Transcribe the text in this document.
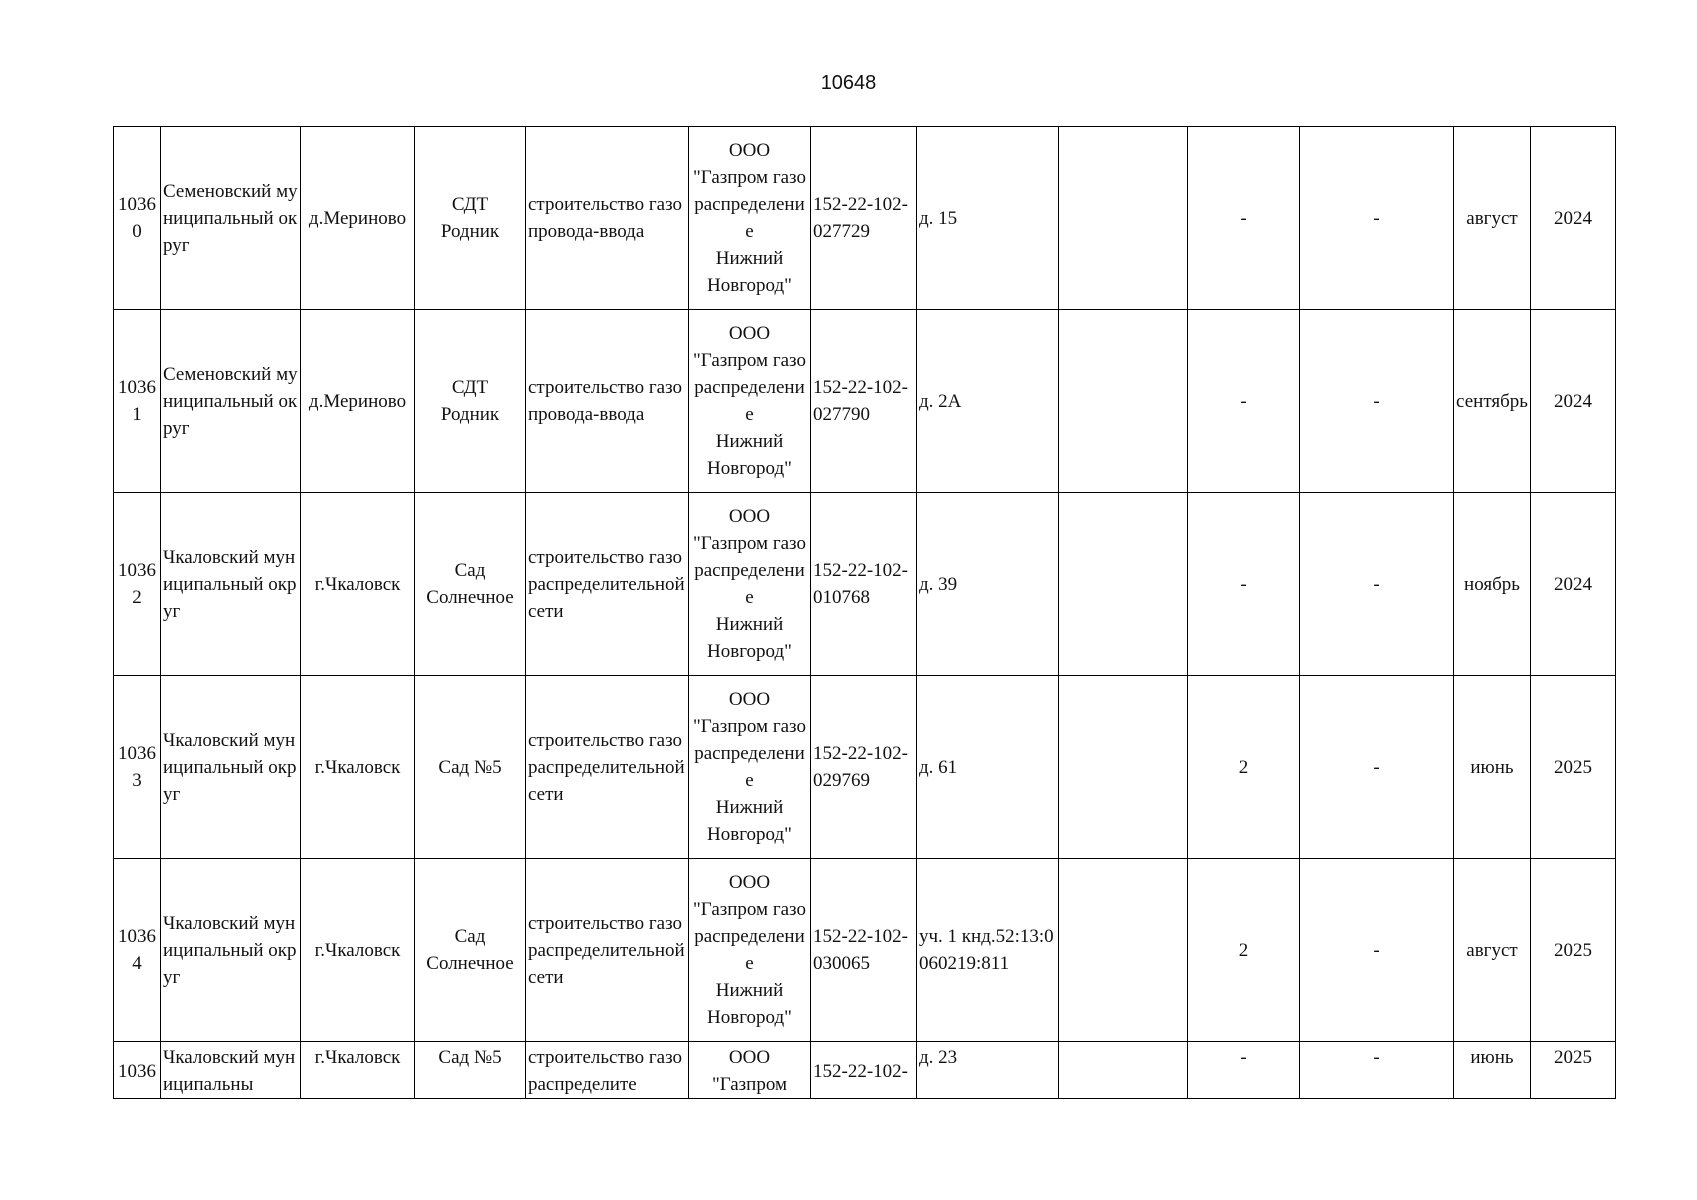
10648
10360	Семеновский муниципальный округ	д.Мериново	СДТ
Родник	строительство газопровода-ввода	ООО
"Газпром газораспределение
Нижний
Новгород"	152-22-102-027729	д. 15		-	-	август	2024
10361	Семеновский муниципальный округ	д.Мериново	СДТ
Родник	строительство газопровода-ввода	ООО
"Газпром газораспределение
Нижний
Новгород"	152-22-102-027790	д. 2А		-	-	сентябрь	2024
10362	Чкаловский муниципальный округ	г.Чкаловск	Сад
Солнечное	строительство газораспределительной сети	ООО
"Газпром газораспределение
Нижний
Новгород"	152-22-102-010768	д. 39		-	-	ноябрь	2024
10363	Чкаловский муниципальный округ	г.Чкаловск	Сад №5	строительство газораспределительной сети	ООО
"Газпром газораспределение
Нижний
Новгород"	152-22-102-029769	д. 61		2	-	июнь	2025
10364	Чкаловский муниципальный округ	г.Чкаловск	Сад
Солнечное	строительство газораспределительной сети	ООО
"Газпром газораспределение
Нижний
Новгород"	152-22-102-030065	уч. 1 кнд.52:13:0060219:811		2	-	август	2025
1036	Чкаловский муниципальны	г.Чкаловск	Сад №5	строительство газораспределите	ООО
"Газпром	152-22-102-	д. 23		-	-	июнь	2025
